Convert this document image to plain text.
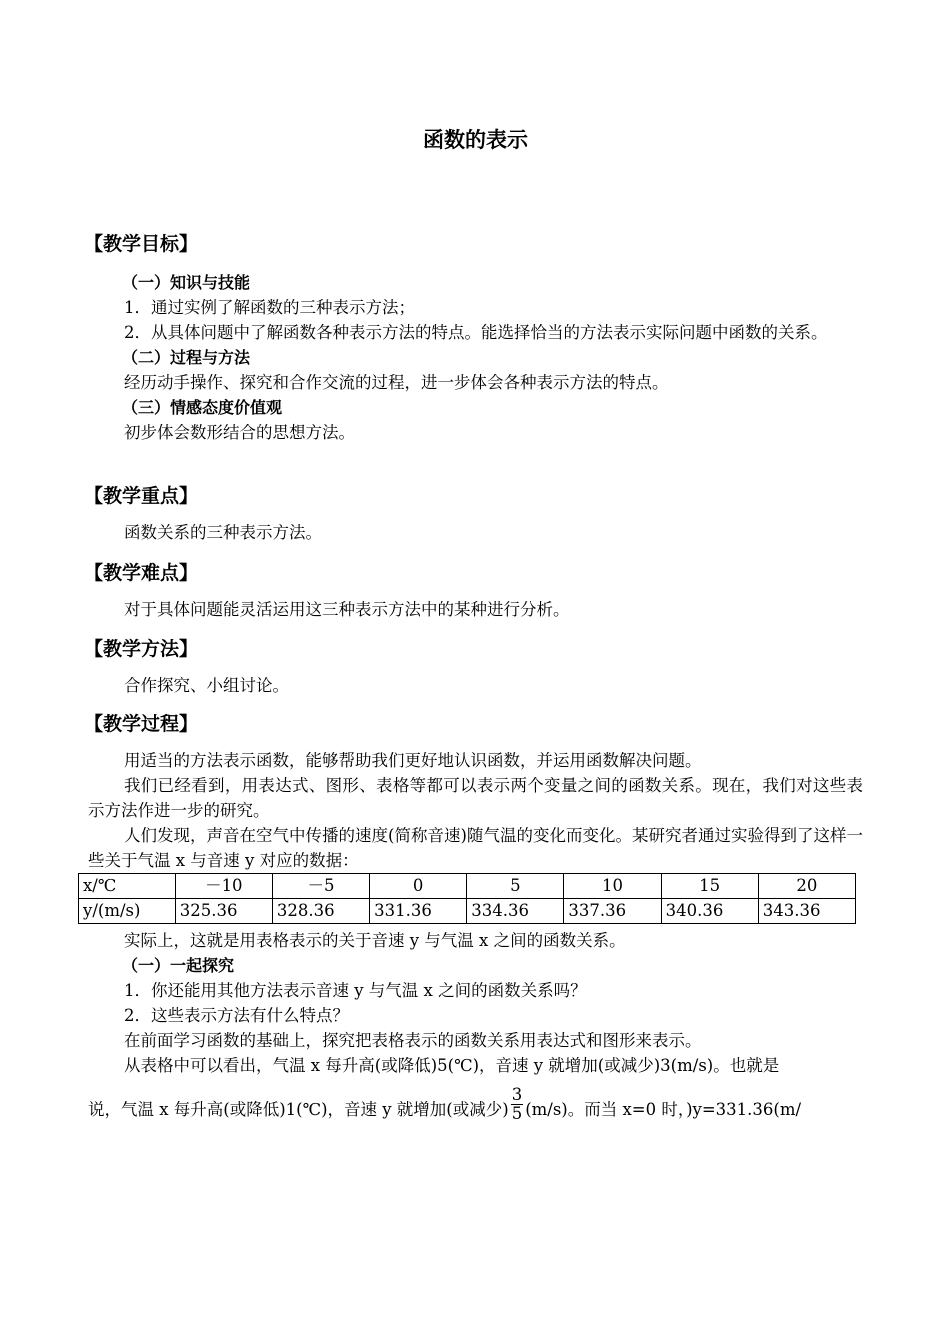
函数的表示
【教学目标】
（一）知识与技能

1．通过实例了解函数的三种表示方法；

2．从具体问题中了解函数各种表示方法的特点。能选择恰当的方法表示实际问题中函数的关系。

（二）过程与方法

经历动手操作、探究和合作交流的过程，进一步体会各种表示方法的特点。

（三）情感态度价值观

初步体会数形结合的思想方法。

【教学重点】

函数关系的三种表示方法。

【教学难点】

对于具体问题能灵活运用这三种表示方法中的某种进行分析。

【教学方法】

合作探究、小组讨论。

【教学过程】

用适当的方法表示函数，能够帮助我们更好地认识函数，并运用函数解决问题。

我们已经看到，用表达式、图形、表格等都可以表示两个变量之间的函数关系。现在，我们对这些表示方法作进一步的研究。

人们发现，声音在空气中传播的速度(简称音速)随气温的变化而变化。某研究者通过实验得到了这样一些关于气温 x 与音速 y 对应的数据：

x/℃	－10	－5	0	5	10	15	20
y/(m/s)	325.36	328.36	331.36	334.36	337.36	340.36	343.36

实际上，这就是用表格表示的关于音速 y 与气温 x 之间的函数关系。

（一）一起探究

1．你还能用其他方法表示音速 y 与气温 x 之间的函数关系吗？

2．这些表示方法有什么特点？

在前面学习函数的基础上，探究把表格表示的函数关系用表达式和图形来表示。

从表格中可以看出，气温 x 每升高(或降低)5(℃)，音速 y 就增加(或减少)3(m/s)。也就是

说，气温 x 每升高(或降低)1(℃)，音速 y 就增加(或减少) $\frac{3}{5} (m/s)$。而当 x=0 时，)y=331.36(m/
